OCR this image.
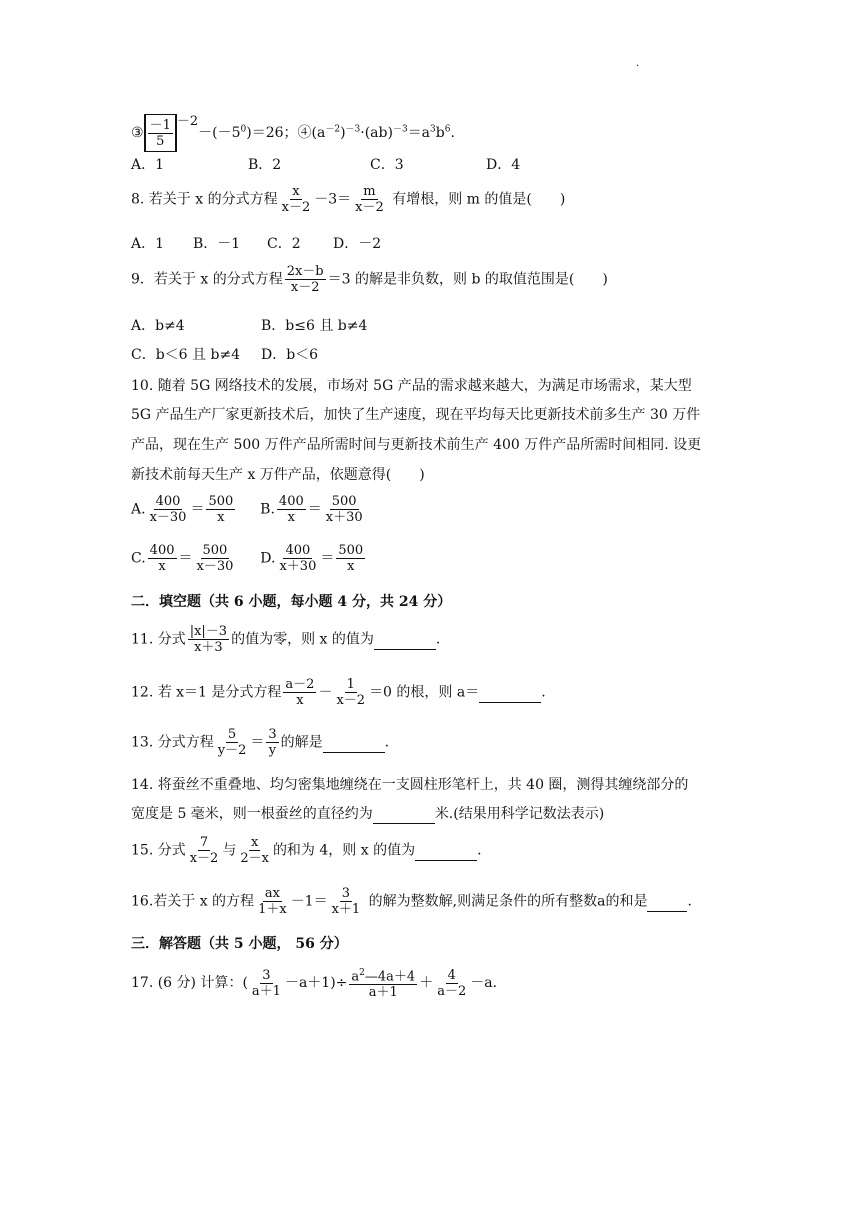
.
③ $\frac{-1}{5} -2-(-5^0)=26$；$④(a^{-2})^{-3}\cdot(ab)^{-3}=a^3b^6$.
A．1	B．2	C．3	D．4
8. 若关于 x 的分式方程 $\frac{x}{x-2} -3= \frac{m}{x-2}$ 有增根，则 m 的值是(　　)
A．1 B．－1 C．2 D．－2
9．若关于 x 的分式方程 $\frac{2x-b}{x-2} =3$ 的解是非负数，则 b 的取值范围是(　　)
A．b≠4	B．b≤6 且 b≠4
C．b＜6 且 b≠4 D．b＜6
10. 随着 5G 网络技术的发展，市场对 5G 产品的需求越来越大，为满足市场需求，某大型
5G 产品生产厂家更新技术后，加快了生产速度，现在平均每天比更新技术前多生产 30 万件
产品，现在生产 500 万件产品所需时间与更新技术前生产 400 万件产品所需时间相同. 设更
新技术前每天生产 x 万件产品，依题意得(　　)
A. $\frac{400}{x-30} = \frac{500}{x} B$. $\frac{400}{x} = \frac{500}{x+30}$
C. $\frac{400}{x} = \frac{500}{x-30} D$. $\frac{400}{x+30} = \frac{500}{x}$
二．填空题（共 6 小题，每小题 4 分，共 24 分）
11. 分式 $\frac{|x|-3}{x+3}$ 的值为零，则 x 的值为	.
12. 若 x＝1 是分式方程 $\frac{a-2}{x} - \frac{1}{x-2} =0$ 的根，则 a＝	.
13. 分式方程 $\frac{5}{y-2} = \frac{3}{y}$ 的解是	.
14. 将蚕丝不重叠地、均匀密集地缠绕在一支圆柱形笔杆上，共 40 圈，测得其缠绕部分的
宽度是 5 毫米，则一根蚕丝的直径约为	米.(结果用科学记数法表示)
15. 分式 $\frac{7}{x-2}$ 与 $\frac{x}{2-x}$ 的和为 4，则 x 的值为	.
16.若关于 x 的方程 $\frac{ax}{1+x} -1= \frac{3}{x+1}$ 的解为整数解,则满足条件的所有整数a的和是	.
三．解答题（共 5 小题， 56 分）
17. (6 分) 计算：( $\frac{3}{a+1} -a+1)\div \frac{a^2—4a+4}{a+1} + \frac{4}{a-2} -a$.
